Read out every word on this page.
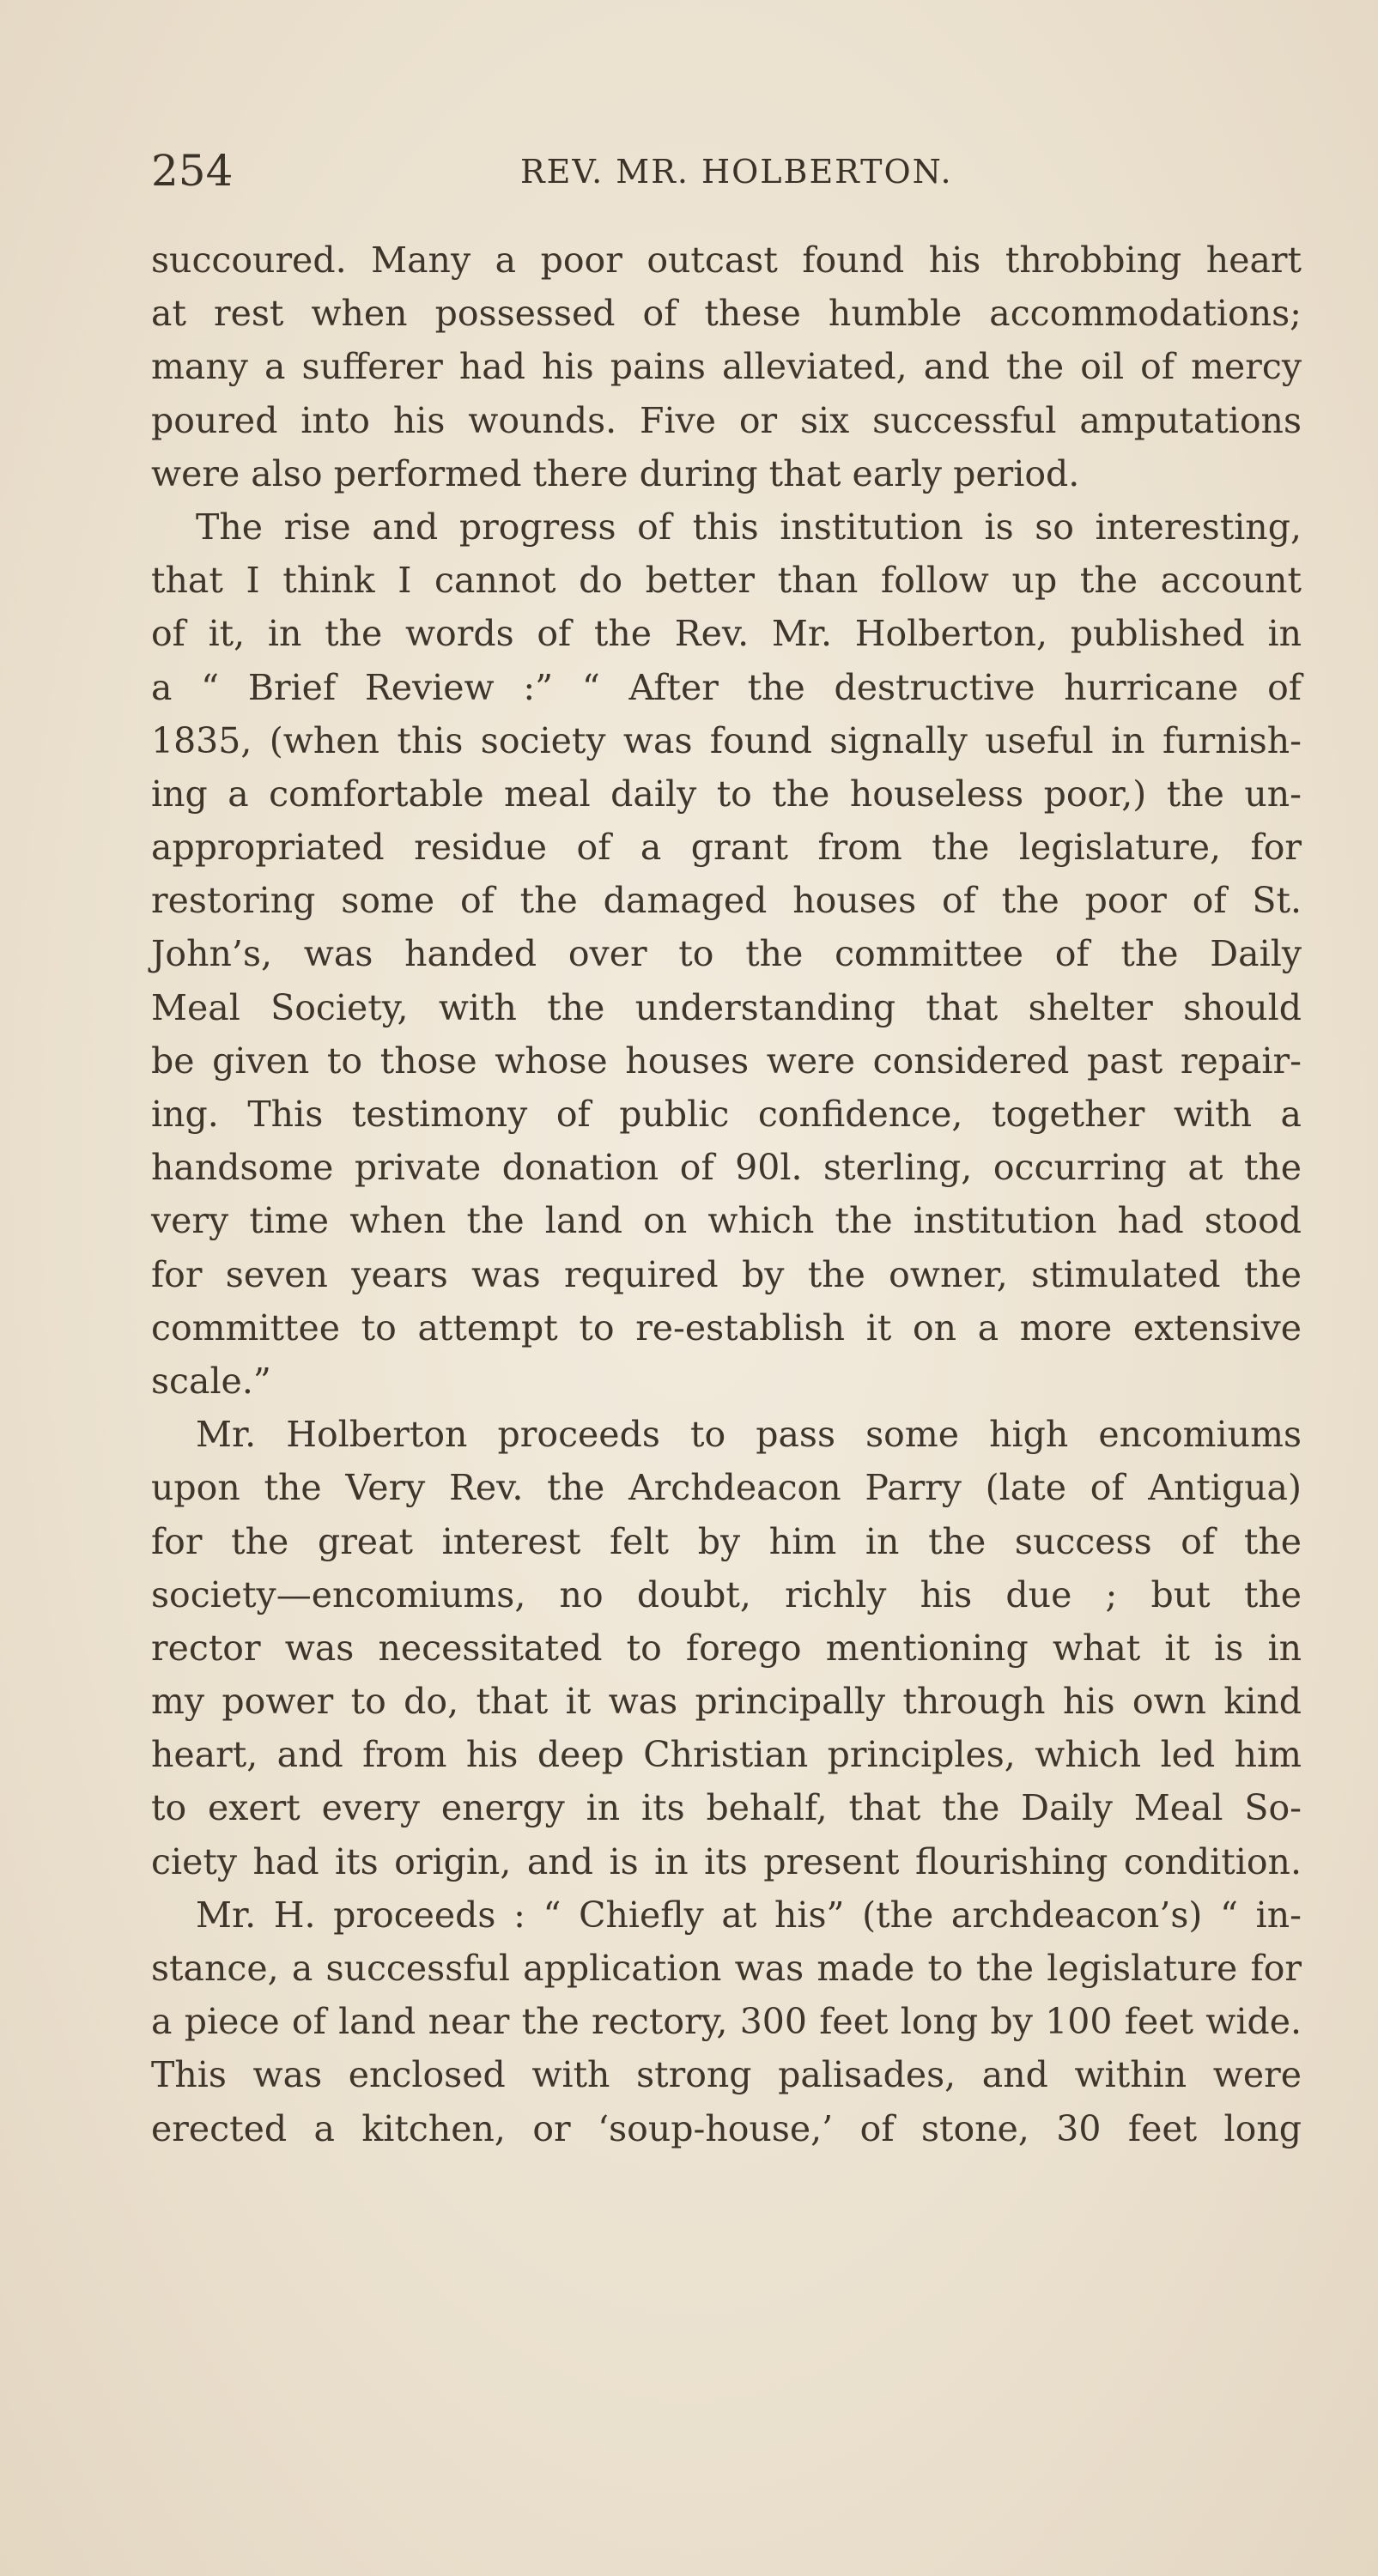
254	REV. MR. HOLBERTON.
succoured. Many a poor outcast found his throbbing heart
at rest when possessed of these humble accommodations;
many a sufferer had his pains alleviated, and the oil of mercy
poured into his wounds. Five or six successful amputations
were also performed there during that early period.
The rise and progress of this institution is so interesting,
that I think I cannot do better than follow up the account
of it, in the words of the Rev. Mr. Holberton, published in
a “ Brief Review :” “ After the destructive hurricane of
1835, (when this society was found signally useful in furnish-
ing a comfortable meal daily to the houseless poor,) the un-
appropriated residue of a grant from the legislature, for
restoring some of the damaged houses of the poor of St.
John’s, was handed over to the committee of the Daily
Meal Society, with the understanding that shelter should
be given to those whose houses were considered past repair-
ing. This testimony of public confidence, together with a
handsome private donation of 90l. sterling, occurring at the
very time when the land on which the institution had stood
for seven years was required by the owner, stimulated the
committee to attempt to re-establish it on a more extensive
scale.”
Mr. Holberton proceeds to pass some high encomiums
upon the Very Rev. the Archdeacon Parry (late of Antigua)
for the great interest felt by him in the success of the
society—encomiums, no doubt, richly his due ; but the
rector was necessitated to forego mentioning what it is in
my power to do, that it was principally through his own kind
heart, and from his deep Christian principles, which led him
to exert every energy in its behalf, that the Daily Meal So-
ciety had its origin, and is in its present flourishing condition.
Mr. H. proceeds : “ Chiefly at his” (the archdeacon’s) “ in-
stance, a successful application was made to the legislature for
a piece of land near the rectory, 300 feet long by 100 feet wide.
This was enclosed with strong palisades, and within were
erected a kitchen, or ‘soup-house,’ of stone, 30 feet long
